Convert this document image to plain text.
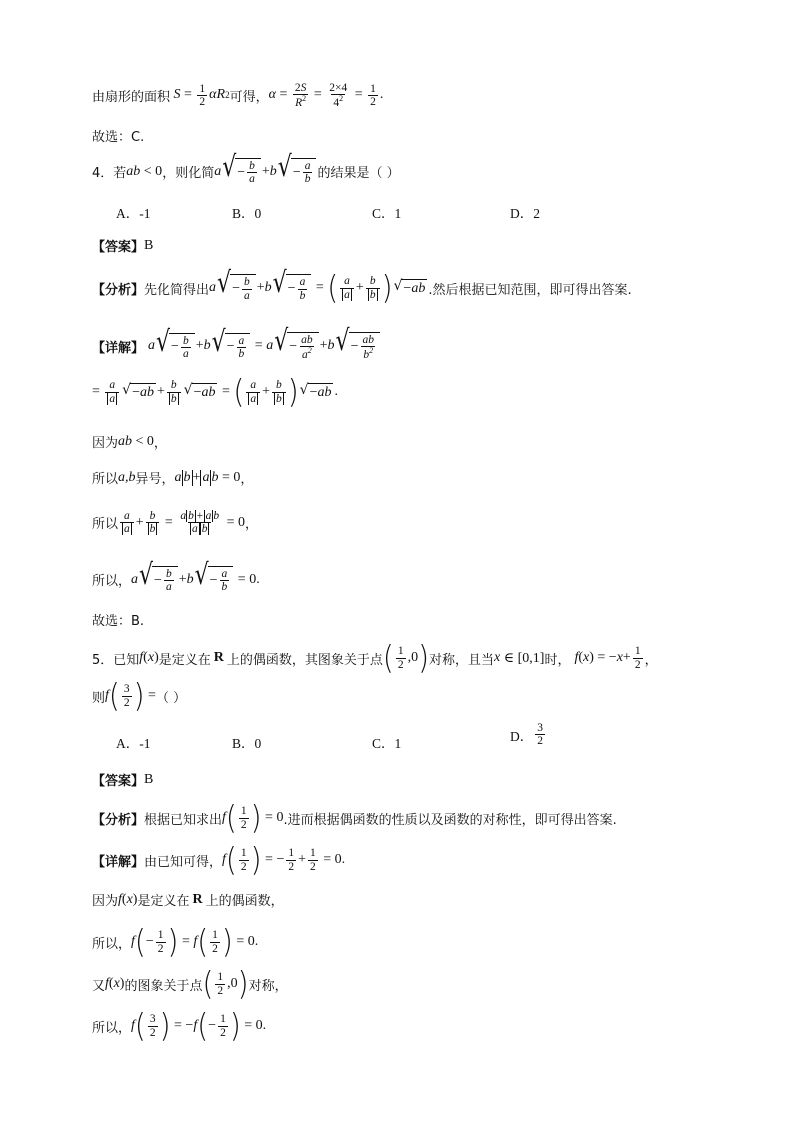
由扇形的面积 $S = \frac{1}{2}$ αR 2 可得， $\alpha = \frac{2S}{R^2} = \frac{2\times 4}{4^2} = \frac{1}{2}$ .
故选：C.
4．若 ab < 0 ，则化简 a √ − $\frac{b}{a} + b$ √ − $\frac{a}{b}$ 的结果是（ ）
A．-1	B．0	C．1	D．2
【答案】 B
【分析】 先化简得出 a √ − $\frac{b}{a} + b$ √ − $\frac{a}{b}$ = ( $\frac{a}{a} + \frac{b}{b}$ ) √ − ab .然后根据已知范围，即可得出答案.
【详解】 a √ − $\frac{b}{a} + b$ √ − $\frac{a}{b} = a$ √ − $\frac{ab}{a^2} + b$ √ − $\frac{ab}{b^2}$
= $\frac{a}{a}$ √ − ab + $\frac{b}{b}$ √ − ab = ( $\frac{a}{a} + \frac{b}{b}$ ) √ − ab .
因为 ab < 0 ，
所以 a,b 异号， a b + a b = 0 ，
所以 $\frac{a}{a} + \frac{b}{b} = \frac{\text{a b + a b}}{\text{a b}} = 0$ ，
所以， a √ − $\frac{b}{a} + b$ √ − $\frac{a}{b} = 0$.
故选：B.
5．已知 f ( x ) 是定义在 R 上的偶函数，其图象关于点 ( $\frac{1}{2} ,0$ ) 对称，且当 x ∈ [0,1] 时， f ( x ) = − $x + \frac{1}{2}$ ，
则 f ( $\frac{3}{2}$ ) = （ ）
A．-1	B．0	C．1	D． $\frac{3}{2}$
【答案】 B
【分析】 根据已知求出 f ( $\frac{1}{2}$ ) = 0 .进而根据偶函数的性质以及函数的对称性，即可得出答案.
【详解】 由已知可得， f ( $\frac{1}{2}$ ) = − $\frac{1}{2} + \frac{1}{2} = 0$.
因为 f ( x ) 是定义在 R 上的偶函数，
所以， f ( − $\frac{1}{2}$ ) = f ( $\frac{1}{2}$ ) = 0.
又 f ( x ) 的图象关于点 ( $\frac{1}{2} ,0$ ) 对称，
所以， f ( $\frac{3}{2}$ ) = − f ( − $\frac{1}{2}$ ) = 0.
